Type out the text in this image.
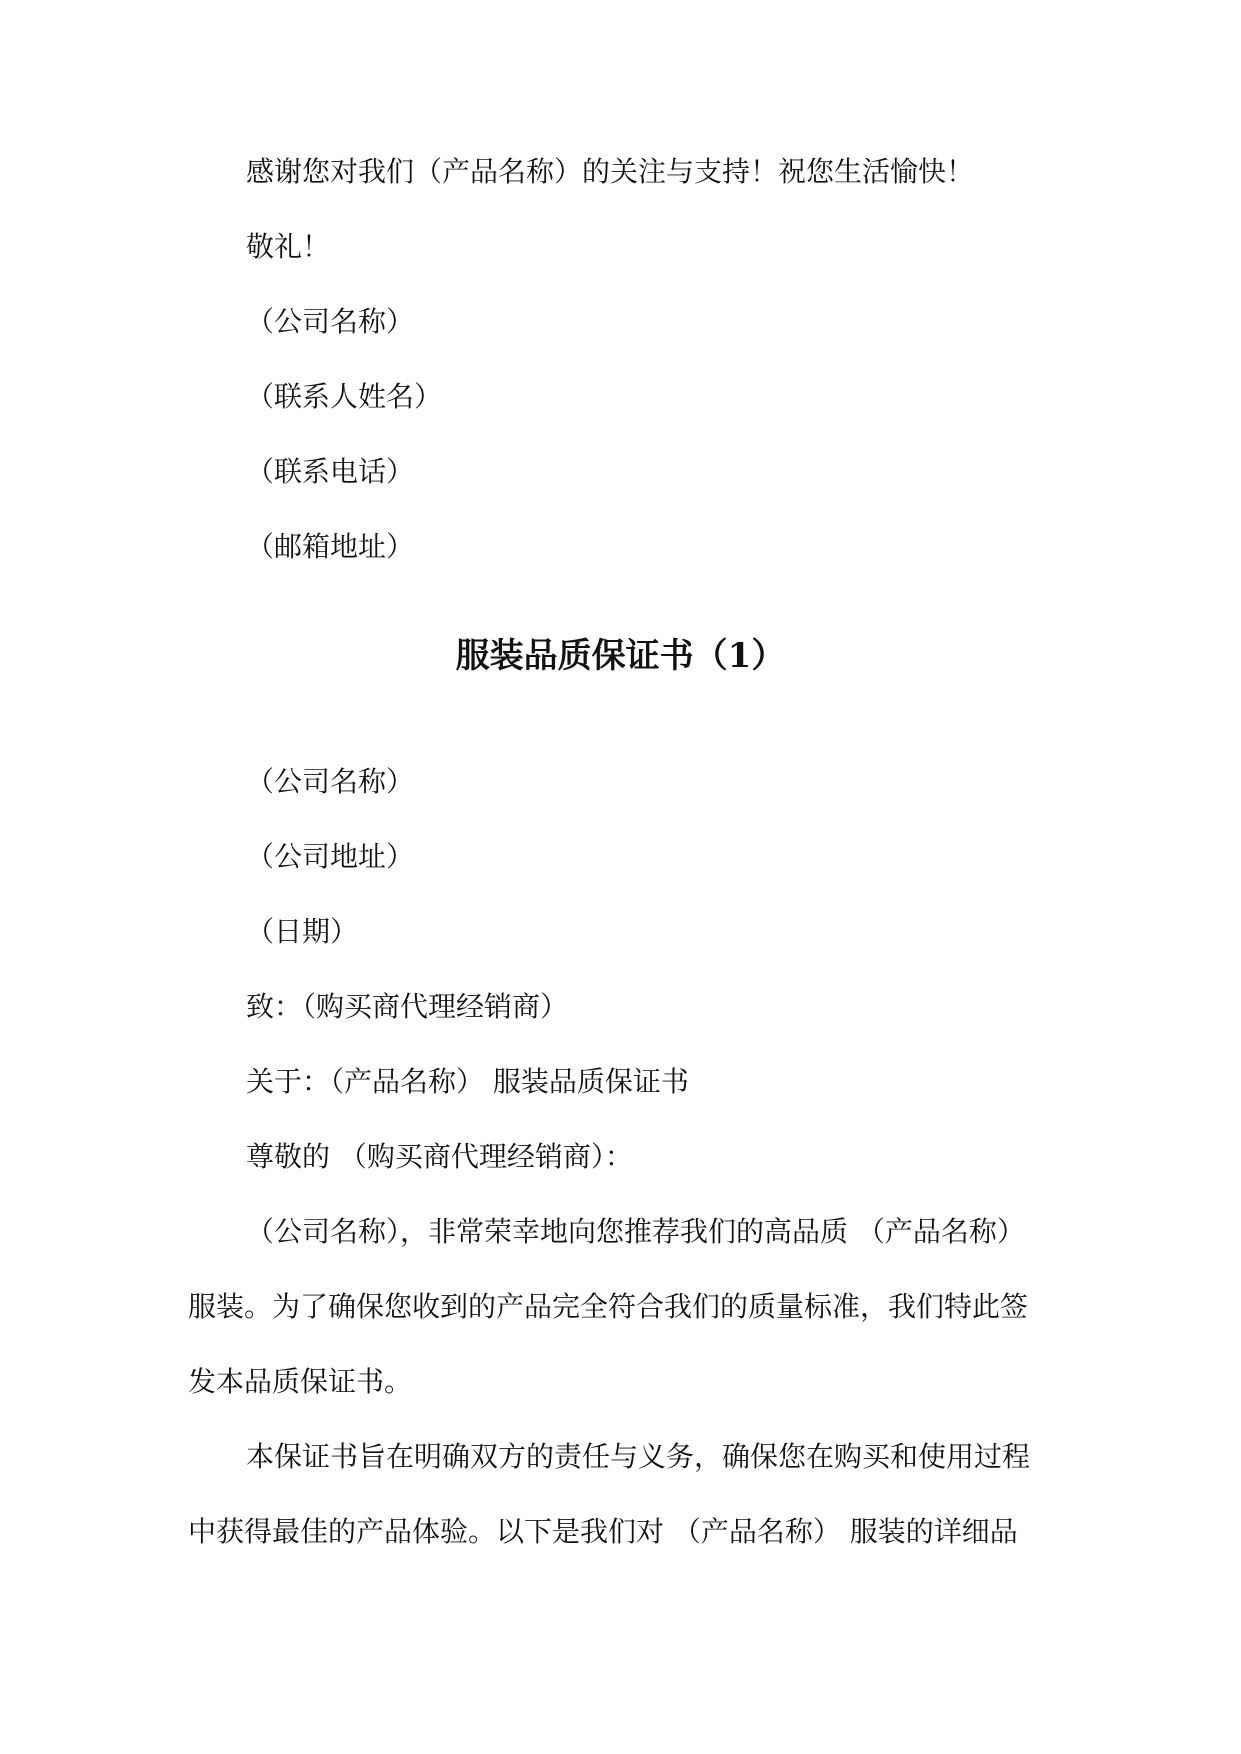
感谢您对我们（产品名称）的关注与支持！祝您生活愉快！

敬礼！

（公司名称）

（联系人姓名）

（联系电话）

（邮箱地址）

服装品质保证书（1）

（公司名称）

（公司地址）

（日期）

致：（购买商代理经销商）

关于：（产品名称） 服装品质保证书

尊敬的 （购买商代理经销商）：

（公司名称），非常荣幸地向您推荐我们的高品质 （产品名称）

服装。为了确保您收到的产品完全符合我们的质量标准，我们特此签

发本品质保证书。

本保证书旨在明确双方的责任与义务，确保您在购买和使用过程

中获得最佳的产品体验。以下是我们对 （产品名称） 服装的详细品
